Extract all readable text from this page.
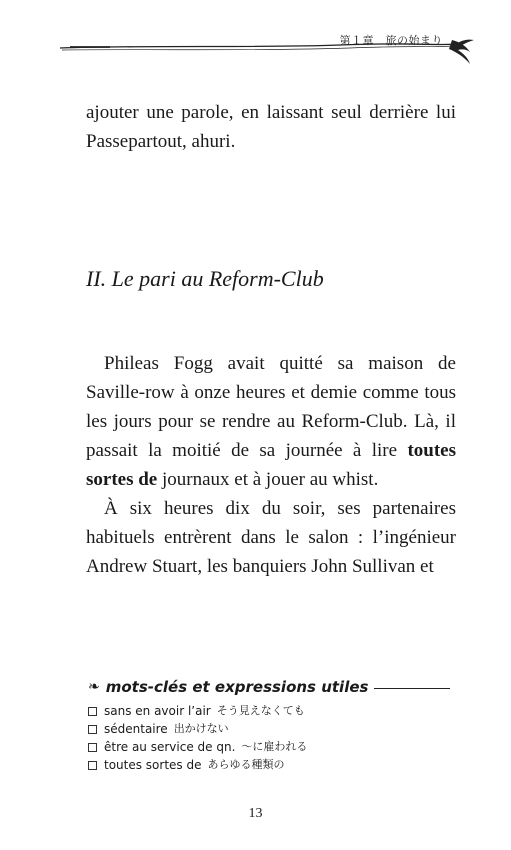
第１章　旅の始まり

ajouter une parole, en laissant seul derrière lui Passepartout, ahuri.

II. Le pari au Reform-Club

Phileas Fogg avait quitté sa maison de Saville-row à onze heures et demie comme tous les jours pour se rendre au Reform-Club. Là, il passait la moitié de sa journée à lire toutes sortes de journaux et à jouer au whist.

À six heures dix du soir, ses partenaires habituels entrèrent dans le salon : l’ingénieur Andrew Stuart, les banquiers John Sullivan et

❧ mots-clés et expressions utiles
sans en avoir l’air そう見えなくても
sédentaire 出かけない
être au service de qn. 〜に雇われる
toutes sortes de あらゆる種類の
13
